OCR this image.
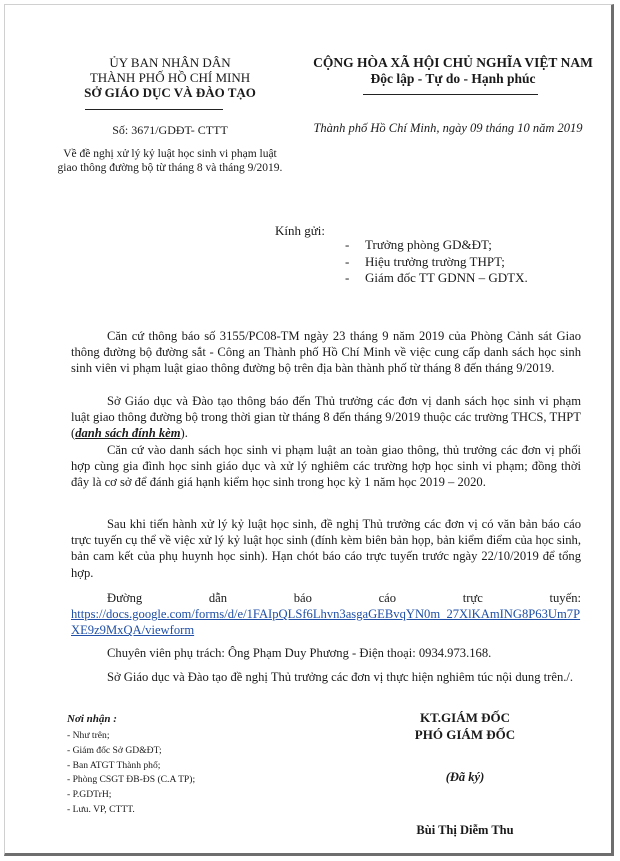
ỦY BAN NHÂN DÂN
THÀNH PHỐ HỒ CHÍ MINH
SỞ GIÁO DỤC VÀ ĐÀO TẠO
CỘNG HÒA XÃ HỘI CHỦ NGHĨA VIỆT NAM
Độc lập - Tự do - Hạnh phúc
Số: 3671/GDĐT- CTTT	Thành phố Hồ Chí Minh, ngày 09 tháng 10 năm 2019
Về đề nghị xử lý kỷ luật học sinh vi phạm luật giao thông đường bộ từ tháng 8 và tháng 9/2019.
Kính gửi:
- Trưởng phòng GD&ĐT;
- Hiệu trưởng trường THPT;
- Giám đốc TT GDNN – GDTX.
Căn cứ thông báo số 3155/PC08-TM ngày 23 tháng 9 năm 2019 của Phòng Cảnh sát Giao thông đường bộ đường sắt - Công an Thành phố Hồ Chí Minh về việc cung cấp danh sách học sinh sinh viên vi phạm luật giao thông đường bộ trên địa bàn thành phố từ tháng 8 đến tháng 9/2019.
Sở Giáo dục và Đào tạo thông báo đến Thủ trưởng các đơn vị danh sách học sinh vi phạm luật giao thông đường bộ trong thời gian từ tháng 8 đến tháng 9/2019 thuộc các trường THCS, THPT (danh sách đính kèm).
Căn cứ vào danh sách học sinh vi phạm luật an toàn giao thông, thủ trưởng các đơn vị phối hợp cùng gia đình học sinh giáo dục và xử lý nghiêm các trường hợp học sinh vi phạm; đồng thời đây là cơ sở để đánh giá hạnh kiểm học sinh trong học kỳ 1 năm học 2019 – 2020.
Sau khi tiến hành xử lý kỷ luật học sinh, đề nghị Thủ trưởng các đơn vị có văn bản báo cáo trực tuyến cụ thể về việc xử lý kỷ luật học sinh (đính kèm biên bản họp, bản kiểm điểm của học sinh, bản cam kết của phụ huynh học sinh). Hạn chót báo cáo trực tuyến trước ngày 22/10/2019 để tổng hợp.
Đường dẫn báo cáo trực tuyến:
https://docs.google.com/forms/d/e/1FAIpQLSf6Lhvn3asgaGEBvqYN0m_27XlKAmING8P63Um7PXE9z9MxQA/viewform
Chuyên viên phụ trách: Ông Phạm Duy Phương - Điện thoại: 0934.973.168.
Sở Giáo dục và Đào tạo đề nghị Thủ trưởng các đơn vị thực hiện nghiêm túc nội dung trên./.
Nơi nhận :
- Như trên;
- Giám đốc Sở GD&ĐT;
- Ban ATGT Thành phố;
- Phòng CSGT ĐB-ĐS (C.A TP);
- P.GDTrH;
- Lưu. VP, CTTT.
KT.GIÁM ĐỐC
PHÓ GIÁM ĐỐC
(Đã ký)
Bùi Thị Diễm Thu
